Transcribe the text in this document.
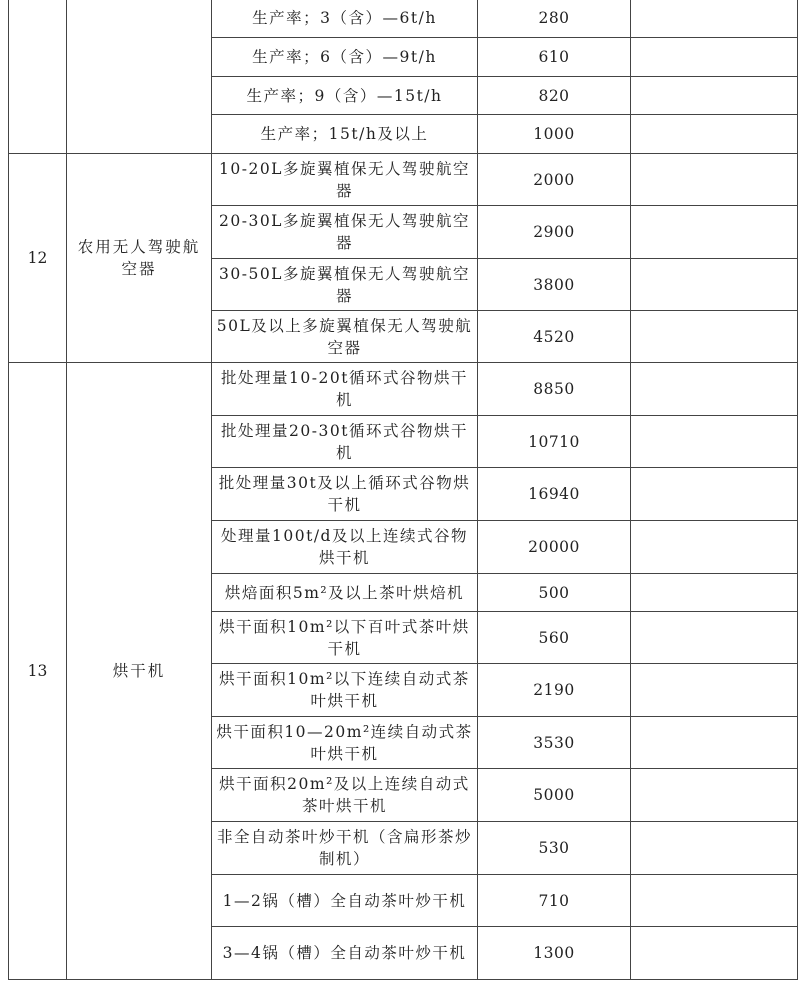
		生产率；3（含）—6t/h	280	
		生产率；6（含）—9t/h	610	
		生产率；9（含）—15t/h	820	
		生产率；15t/h及以上	1000	
12	农用无人驾驶航空器	10-20L多旋翼植保无人驾驶航空器	2000	
		20-30L多旋翼植保无人驾驶航空器	2900	
		30-50L多旋翼植保无人驾驶航空器	3800	
		50L及以上多旋翼植保无人驾驶航空器	4520	
13	烘干机	批处理量10-20t循环式谷物烘干机	8850	
		批处理量20-30t循环式谷物烘干机	10710	
		批处理量30t及以上循环式谷物烘干机	16940	
		处理量100t/d及以上连续式谷物烘干机	20000	
		烘焙面积5m²及以上茶叶烘焙机	500	
		烘干面积10m²以下百叶式茶叶烘干机	560	
		烘干面积10m²以下连续自动式茶叶烘干机	2190	
		烘干面积10—20m²连续自动式茶叶烘干机	3530	
		烘干面积20m²及以上连续自动式茶叶烘干机	5000	
		非全自动茶叶炒干机（含扁形茶炒制机）	530	
		1—2锅（槽）全自动茶叶炒干机	710	
		3—4锅（槽）全自动茶叶炒干机	1300	
